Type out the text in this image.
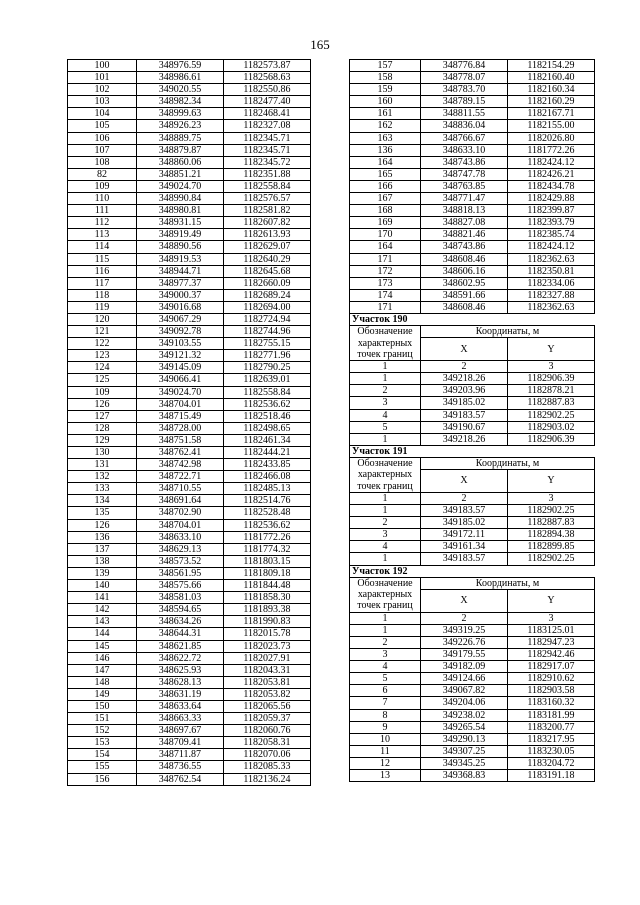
165
100	348976.59	1182573.87
101	348986.61	1182568.63
102	349020.55	1182550.86
103	348982.34	1182477.40
104	348999.63	1182468.41
105	348926.23	1182327.08
106	348889.75	1182345.71
107	348879.87	1182345.71
108	348860.06	1182345.72
82	348851.21	1182351.88
109	349024.70	1182558.84
110	348990.84	1182576.57
111	348980.81	1182581.82
112	348931.15	1182607.82
113	348919.49	1182613.93
114	348890.56	1182629.07
115	348919.53	1182640.29
116	348944.71	1182645.68
117	348977.37	1182660.09
118	349000.37	1182689.24
119	349016.68	1182694.00
120	349067.29	1182724.94
121	349092.78	1182744.96
122	349103.55	1182755.15
123	349121.32	1182771.96
124	349145.09	1182790.25
125	349066.41	1182639.01
109	349024.70	1182558.84
126	348704.01	1182536.62
127	348715.49	1182518.46
128	348728.00	1182498.65
129	348751.58	1182461.34
130	348762.41	1182444.21
131	348742.98	1182433.85
132	348722.71	1182466.08
133	348710.55	1182485.13
134	348691.64	1182514.76
135	348702.90	1182528.48
126	348704.01	1182536.62
136	348633.10	1181772.26
137	348629.13	1181774.32
138	348573.52	1181803.15
139	348561.95	1181809.18
140	348575.66	1181844.48
141	348581.03	1181858.30
142	348594.65	1181893.38
143	348634.26	1181990.83
144	348644.31	1182015.78
145	348621.85	1182023.73
146	348622.72	1182027.91
147	348625.93	1182043.31
148	348628.13	1182053.81
149	348631.19	1182053.82
150	348633.64	1182065.56
151	348663.33	1182059.37
152	348697.67	1182060.76
153	348709.41	1182058.31
154	348711.87	1182070.06
155	348736.55	1182085.33
156	348762.54	1182136.24
157	348776.84	1182154.29
158	348778.07	1182160.40
159	348783.70	1182160.34
160	348789.15	1182160.29
161	348811.55	1182167.71
162	348836.04	1182155.00
163	348766.67	1182026.80
136	348633.10	1181772.26
164	348743.86	1182424.12
165	348747.78	1182426.21
166	348763.85	1182434.78
167	348771.47	1182429.88
168	348818.13	1182399.87
169	348827.08	1182393.79
170	348821.46	1182385.74
164	348743.86	1182424.12
171	348608.46	1182362.63
172	348606.16	1182350.81
173	348602.95	1182334.06
174	348591.66	1182327.88
171	348608.46	1182362.63
Участок 190		

Обозначение
характерных
точек границ	Координаты, м	
	X	Y

1	2	3
1	349218.26	1182906.39
2	349203.96	1182878.21
3	349185.02	1182887.83
4	349183.57	1182902.25
5	349190.67	1182903.02
1	349218.26	1182906.39
Участок 191		

Обозначение
характерных
точек границ	Координаты, м	
	X	Y

1	2	3
1	349183.57	1182902.25
2	349185.02	1182887.83
3	349172.11	1182894.38
4	349161.34	1182899.85
1	349183.57	1182902.25
Участок 192		

Обозначение
характерных
точек границ	Координаты, м	
	X	Y

1	2	3
1	349319.25	1183125.01
2	349226.76	1182947.23
3	349179.55	1182942.46
4	349182.09	1182917.07
5	349124.66	1182910.62
6	349067.82	1182903.58
7	349204.06	1183160.32
8	349238.02	1183181.99
9	349265.54	1183200.77
10	349290.13	1183217.95
11	349307.25	1183230.05
12	349345.25	1183204.72
13	349368.83	1183191.18
